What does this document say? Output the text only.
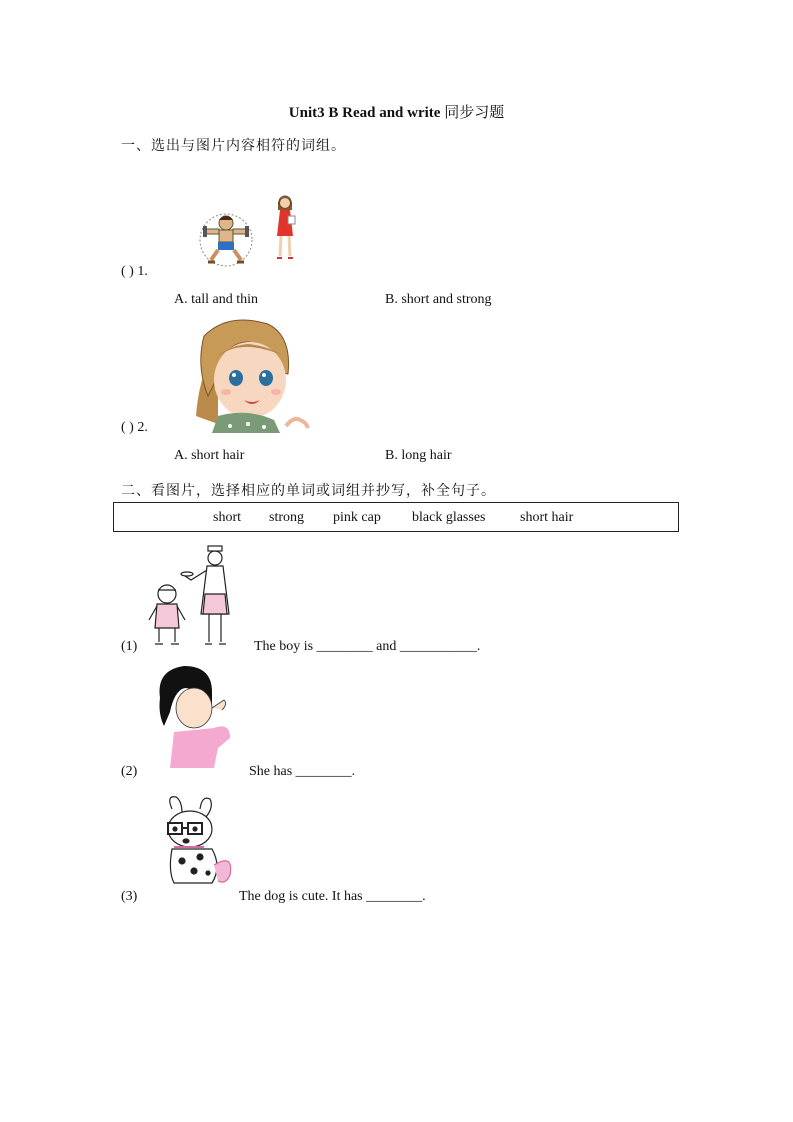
Unit3 B Read and write 同步习题
一、选出与图片内容相符的词组。
( ) 1.
A. tall and thin	B. short and strong
( ) 2.
A. short hair	B. long hair
二、看图片，选择相应的单词或词组并抄写，补全句子。
short strong pink cap black glasses short hair
(1)	The boy is ________ and ___________.
(2)	She has ________.
(3)	The dog is cute. It has ________.
